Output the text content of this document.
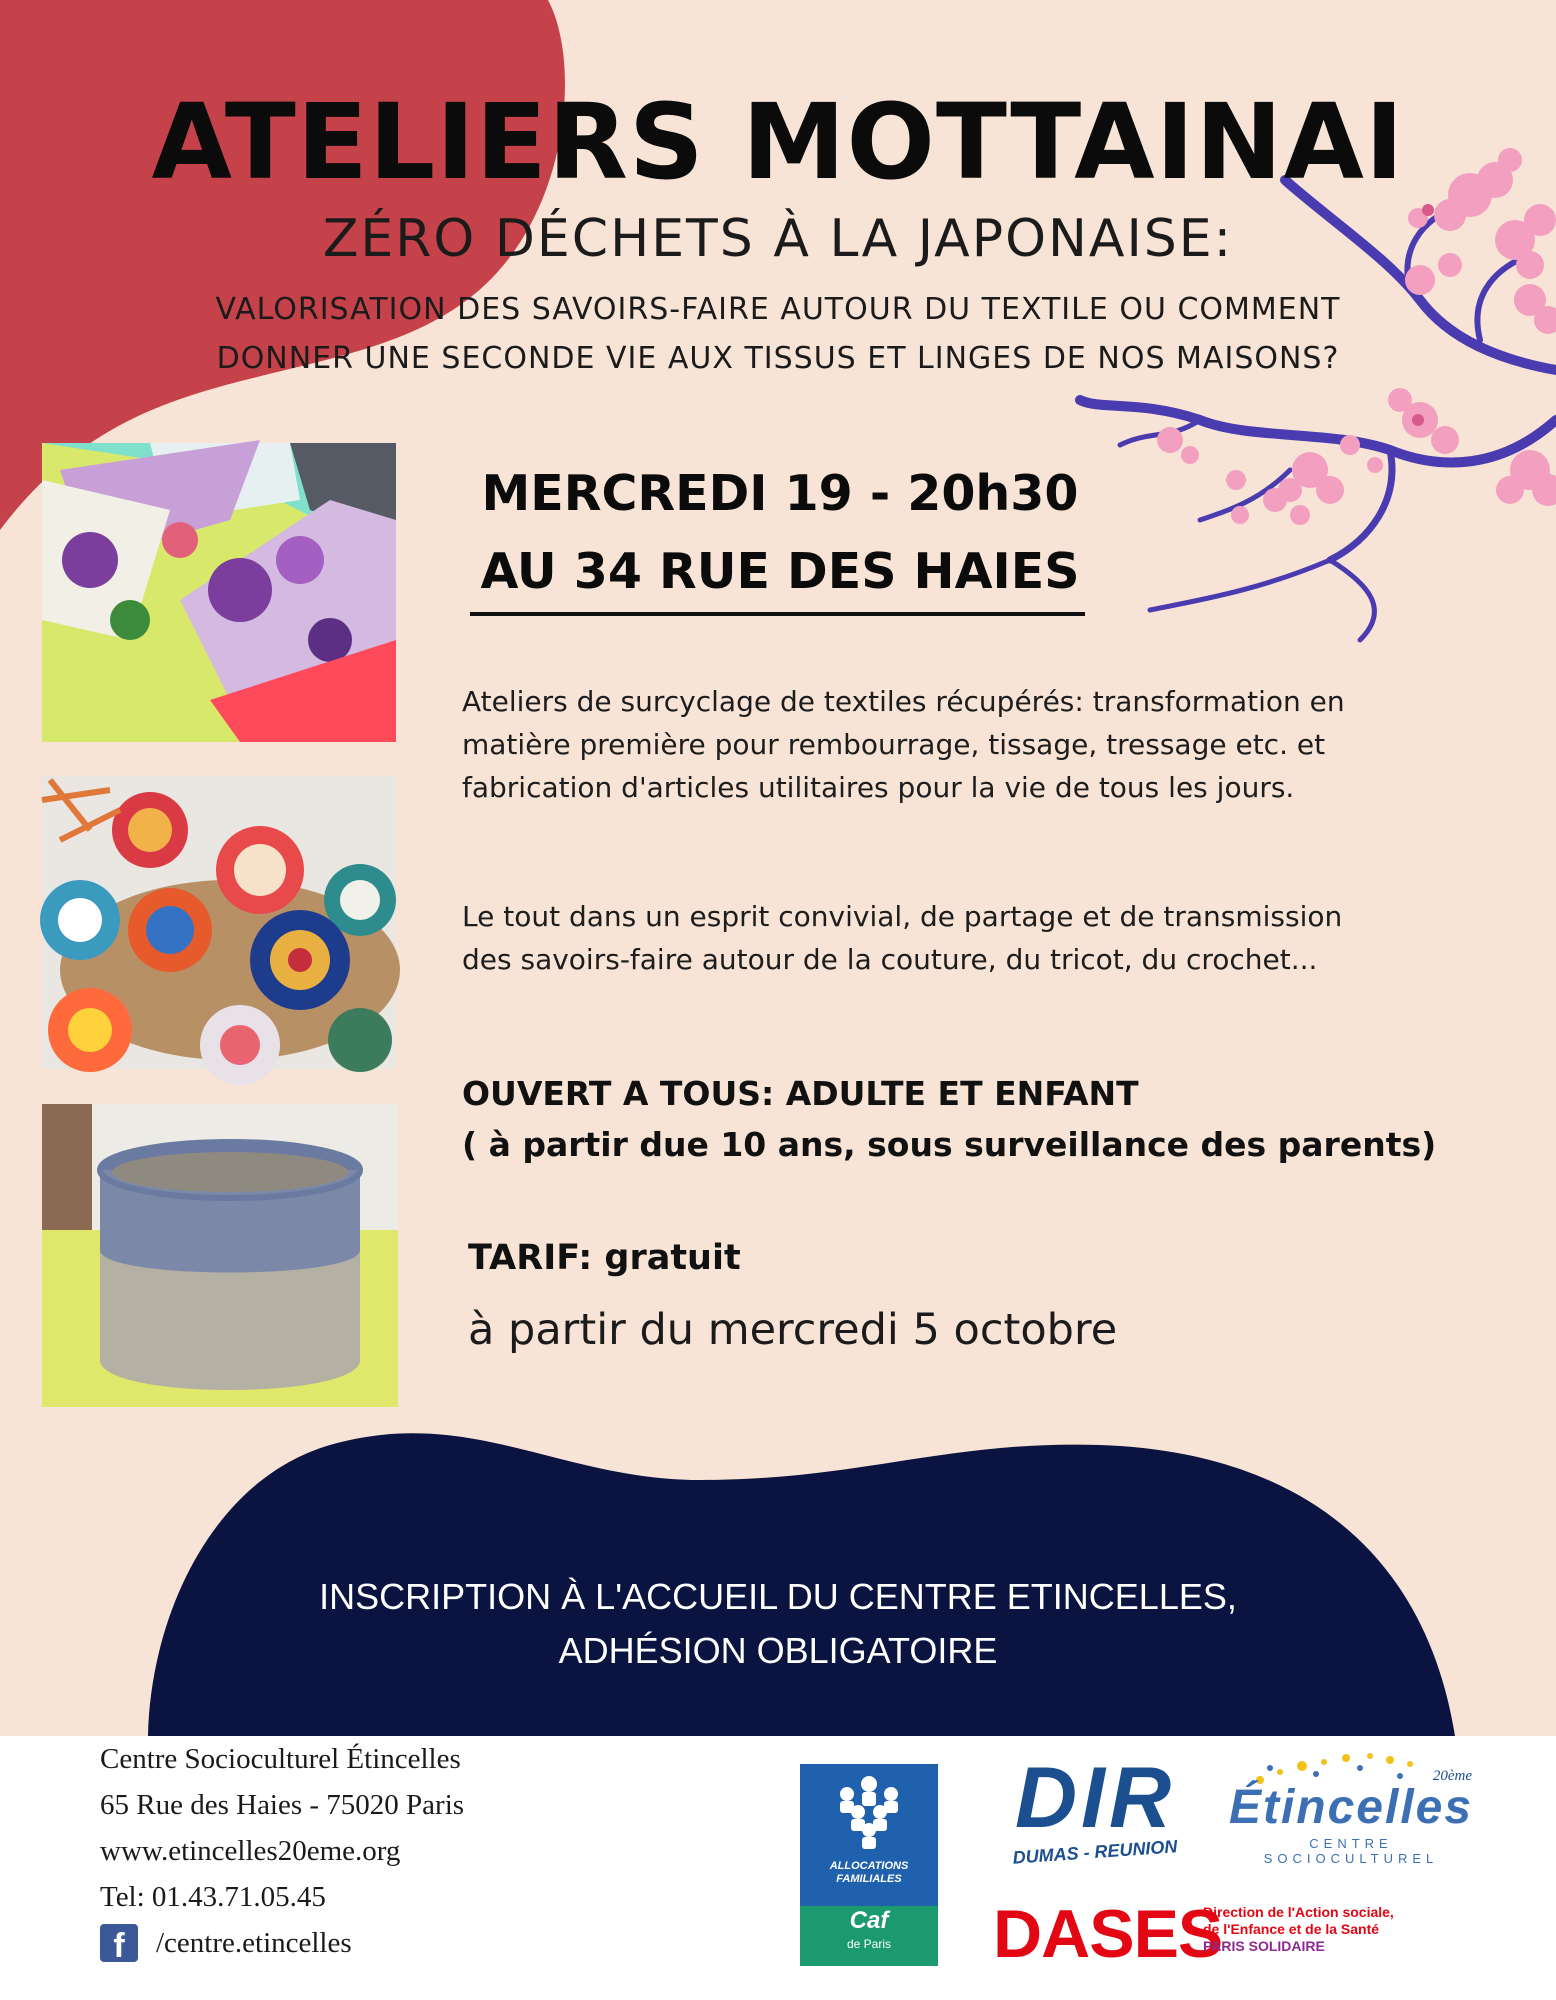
ATELIERS MOTTAINAI
ZÉRO DÉCHETS À LA JAPONAISE:
VALORISATION DES SAVOIRS-FAIRE AUTOUR DU TEXTILE OU COMMENT
DONNER UNE SECONDE VIE AUX TISSUS ET LINGES DE NOS MAISONS?
MERCREDI 19 - 20h30
AU 34 RUE DES HAIES
Ateliers de surcyclage de textiles récupérés: transformation en matière première pour rembourrage, tissage, tressage etc. et fabrication d'articles utilitaires pour la vie de tous les jours.
Le tout dans un esprit convivial, de partage et de transmission des savoirs-faire autour de la couture, du tricot, du crochet...
OUVERT A TOUS: ADULTE ET ENFANT
( à partir due 10 ans, sous surveillance des parents)
TARIF: gratuit
à partir du mercredi 5 octobre
INSCRIPTION À L'ACCUEIL DU CENTRE ETINCELLES,
ADHÉSION OBLIGATOIRE
Centre Socioculturel Étincelles
65 Rue des Haies - 75020 Paris
www.etincelles20eme.org
Tel: 01.43.71.05.45
f	/centre.etincelles
ALLOCATIONS
FAMILIALES
Caf
de Paris
DIR
DUMAS - REUNION
20ème
Étincelles
CENTRE SOCIOCULTUREL
DASES
Direction de l'Action sociale,
de l'Enfance et de la Santé
PARIS SOLIDAIRE
